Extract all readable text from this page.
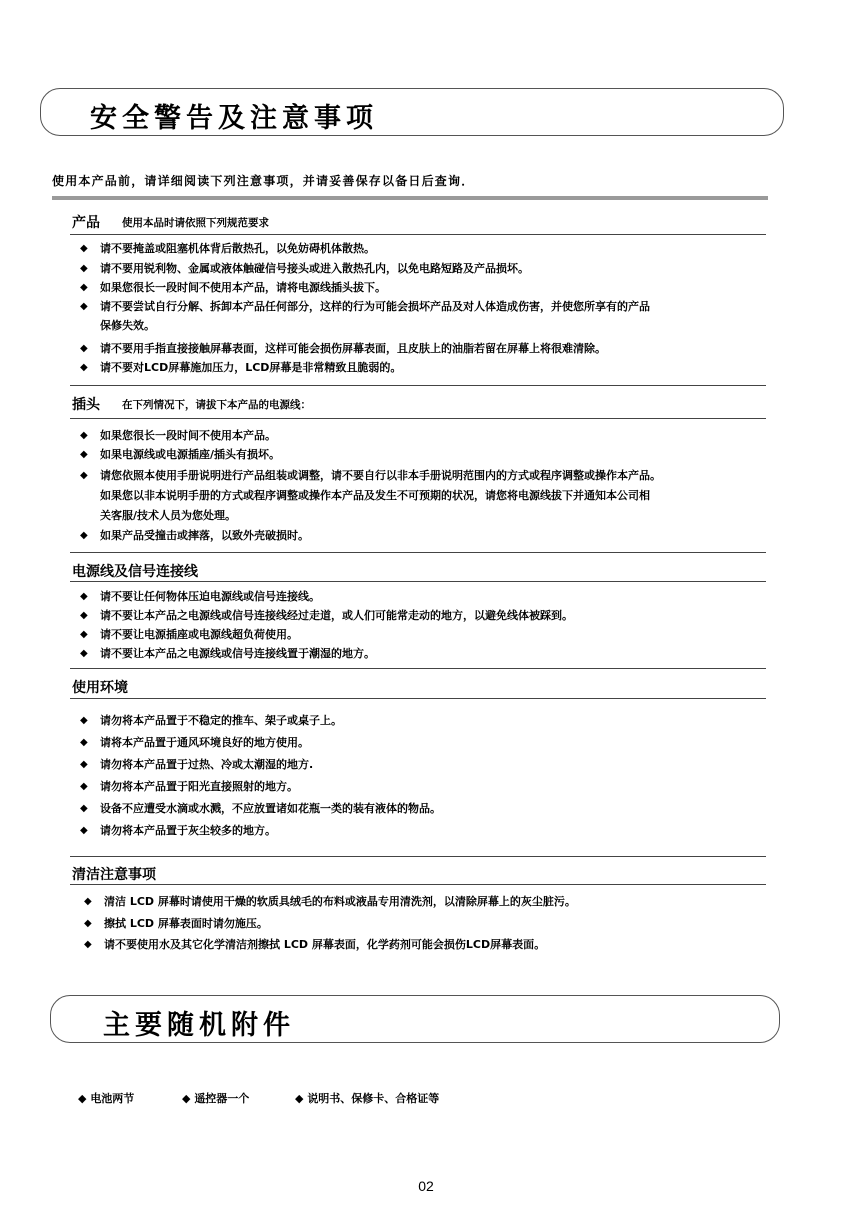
安全警告及注意事项
使用本产品前，请详细阅读下列注意事项，并请妥善保存以备日后查询．
产品 使用本品时请依照下列规范要求
◆ 请不要掩盖或阻塞机体背后散热孔，以免妨碍机体散热。
◆ 请不要用锐利物、金属或液体触碰信号接头或进入散热孔内，以免电路短路及产品损坏。
◆ 如果您很长一段时间不使用本产品，请将电源线插头拔下。
◆ 请不要尝试自行分解、拆卸本产品任何部分，这样的行为可能会损坏产品及对人体造成伤害，并使您所享有的产品
保修失效。
◆ 请不要用手指直接接触屏幕表面，这样可能会损伤屏幕表面，且皮肤上的油脂若留在屏幕上将很难清除。
◆ 请不要对LCD屏幕施加压力，LCD屏幕是非常精致且脆弱的。
插头 在下列情况下，请拔下本产品的电源线：
◆ 如果您很长一段时间不使用本产品。
◆ 如果电源线或电源插座/插头有损坏。
◆ 请您依照本使用手册说明进行产品组装或调整，请不要自行以非本手册说明范围内的方式或程序调整或操作本产品。
如果您以非本说明手册的方式或程序调整或操作本产品及发生不可预期的状况，请您将电源线拔下并通知本公司相
关客服/技术人员为您处理。
◆ 如果产品受撞击或摔落，以致外壳破损时。
电源线及信号连接线
◆ 请不要让任何物体压迫电源线或信号连接线。
◆ 请不要让本产品之电源线或信号连接线经过走道，或人们可能常走动的地方，以避免线体被踩到。
◆ 请不要让电源插座或电源线超负荷使用。
◆ 请不要让本产品之电源线或信号连接线置于潮湿的地方。
使用环境
◆ 请勿将本产品置于不稳定的推车、架子或桌子上。
◆ 请将本产品置于通风环境良好的地方使用。
◆ 请勿将本产品置于过热、冷或太潮湿的地方.
◆ 请勿将本产品置于阳光直接照射的地方。
◆ 设备不应遭受水滴或水溅，不应放置诸如花瓶一类的装有液体的物品。
◆ 请勿将本产品置于灰尘较多的地方。
清洁注意事项
◆ 清洁 LCD 屏幕时请使用干燥的软质具绒毛的布料或液晶专用清洗剂，以清除屏幕上的灰尘脏污。
◆ 擦拭 LCD 屏幕表面时请勿施压。
◆ 请不要使用水及其它化学清洁剂擦拭 LCD 屏幕表面，化学药剂可能会损伤LCD屏幕表面。
主要随机附件
◆ 电池两节	◆ 遥控器一个	◆ 说明书、保修卡、合格证等
02
